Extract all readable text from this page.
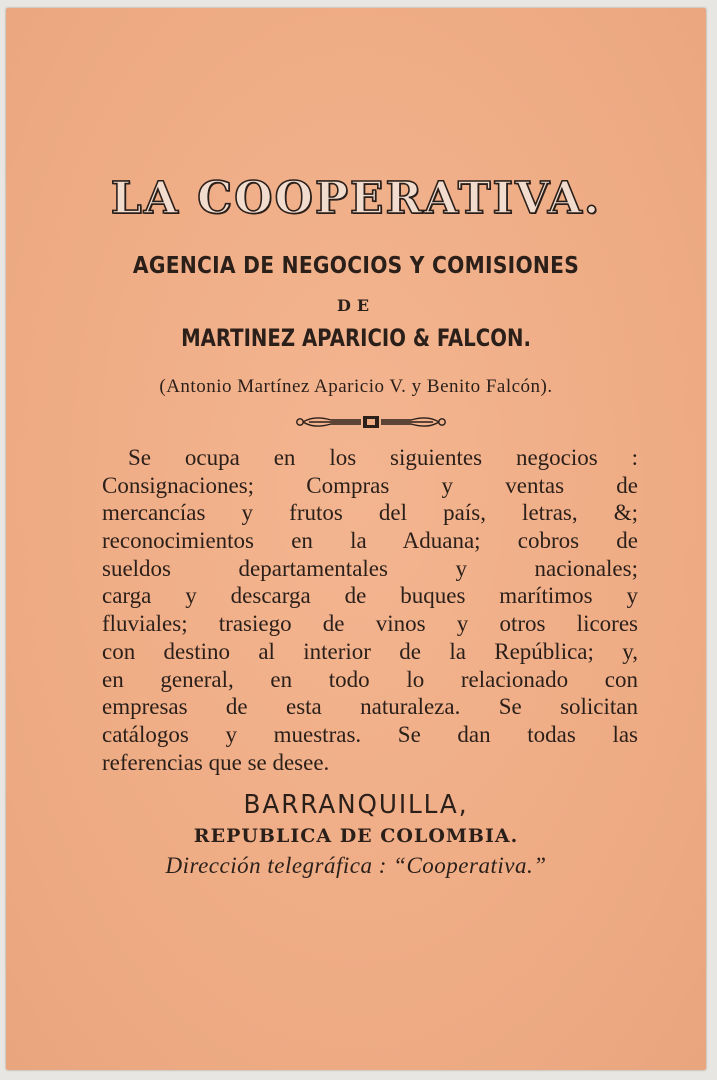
LA COOPERATIVA.
AGENCIA DE NEGOCIOS Y COMISIONES
DE
MARTINEZ APARICIO & FALCON.
(Antonio Martínez Aparicio V. y Benito Falcón).
Se ocupa en los siguientes negocios :
Consignaciones; Compras y ventas de
mercancías y frutos del país, letras, &;
reconocimientos en la Aduana; cobros de
sueldos departamentales y nacionales;
carga y descarga de buques marítimos y
fluviales; trasiego de vinos y otros licores
con destino al interior de la República; y,
en general, en todo lo relacionado con
empresas de esta naturaleza. Se solicitan
catálogos y muestras. Se dan todas las
referencias que se desee.
BARRANQUILLA,
REPUBLICA DE COLOMBIA.
Dirección telegráfica : “Cooperativa.”
